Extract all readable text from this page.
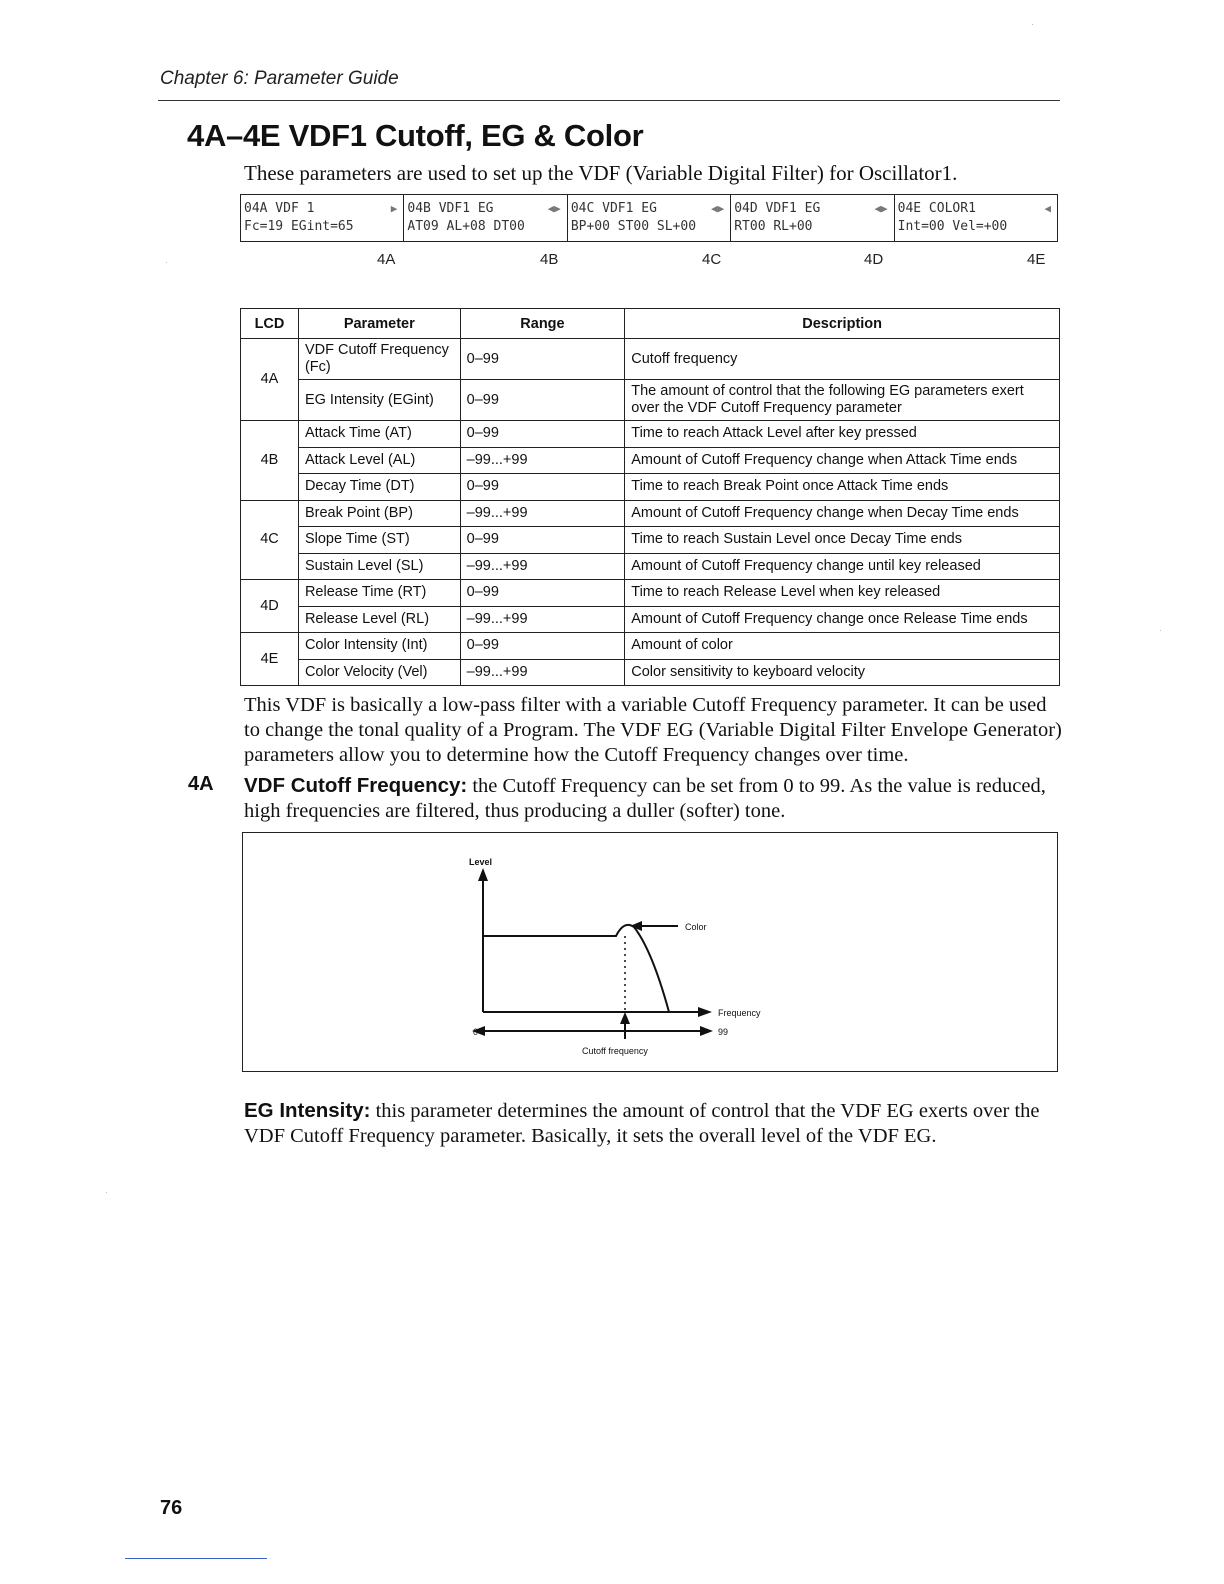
Chapter 6: Parameter Guide
4A–4E VDF1 Cutoff, EG & Color
These parameters are used to set up the VDF (Variable Digital Filter) for Oscillator1.
04A VDF 1
Fc=19 EGint=65
▶ 04B VDF1 EG
AT09 AL+08 DT00
◀▶ 04C VDF1 EG
BP+00 ST00 SL+00
◀▶ 04D VDF1 EG
RT00 RL+00
◀▶ 04E COLOR1
Int=00 Vel=+00
◀
4A	4B	4C	4D	4E
LCD	Parameter	Range	Description
4A	VDF Cutoff Frequency (Fc)	0–99	Cutoff frequency
	EG Intensity (EGint)	0–99	The amount of control that the following EG parameters exert over the VDF Cutoff Frequency parameter
4B	Attack Time (AT)	0–99	Time to reach Attack Level after key pressed
	Attack Level (AL)	–99...+99	Amount of Cutoff Frequency change when Attack Time ends
	Decay Time (DT)	0–99	Time to reach Break Point once Attack Time ends
4C	Break Point (BP)	–99...+99	Amount of Cutoff Frequency change when Decay Time ends
	Slope Time (ST)	0–99	Time to reach Sustain Level once Decay Time ends
	Sustain Level (SL)	–99...+99	Amount of Cutoff Frequency change until key released
4D	Release Time (RT)	0–99	Time to reach Release Level when key released
	Release Level (RL)	–99...+99	Amount of Cutoff Frequency change once Release Time ends
4E	Color Intensity (Int)	0–99	Amount of color
	Color Velocity (Vel)	–99...+99	Color sensitivity to keyboard velocity
This VDF is basically a low-pass filter with a variable Cutoff Frequency parameter. It can be used to change the tonal quality of a Program. The VDF EG (Variable Digital Filter Envelope Generator) parameters allow you to determine how the Cutoff Frequency changes over time.
4A VDF Cutoff Frequency: the Cutoff Frequency can be set from 0 to 99. As the value is reduced, high frequencies are filtered, thus producing a duller (softer) tone.
Level
Frequency
Color
0	99
Cutoff frequency
EG Intensity: this parameter determines the amount of control that the VDF EG exerts over the VDF Cutoff Frequency parameter. Basically, it sets the overall level of the VDF EG.
76
